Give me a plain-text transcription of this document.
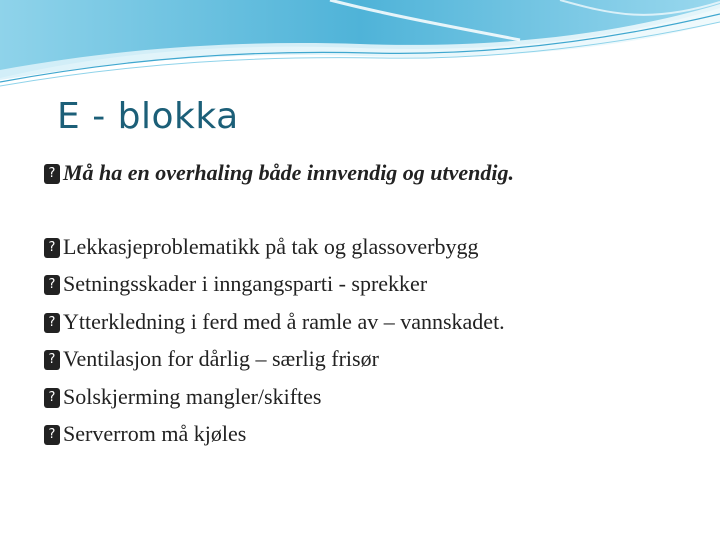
E - blokka
? Må ha en overhaling både innvendig og utvendig.
? Lekkasjeproblematikk på tak og glassoverbygg
? Setningsskader i inngangsparti - sprekker
? Ytterkledning i ferd med å ramle av – vannskadet.
? Ventilasjon for dårlig – særlig frisør
? Solskjerming mangler/skiftes
? Serverrom må kjøles
